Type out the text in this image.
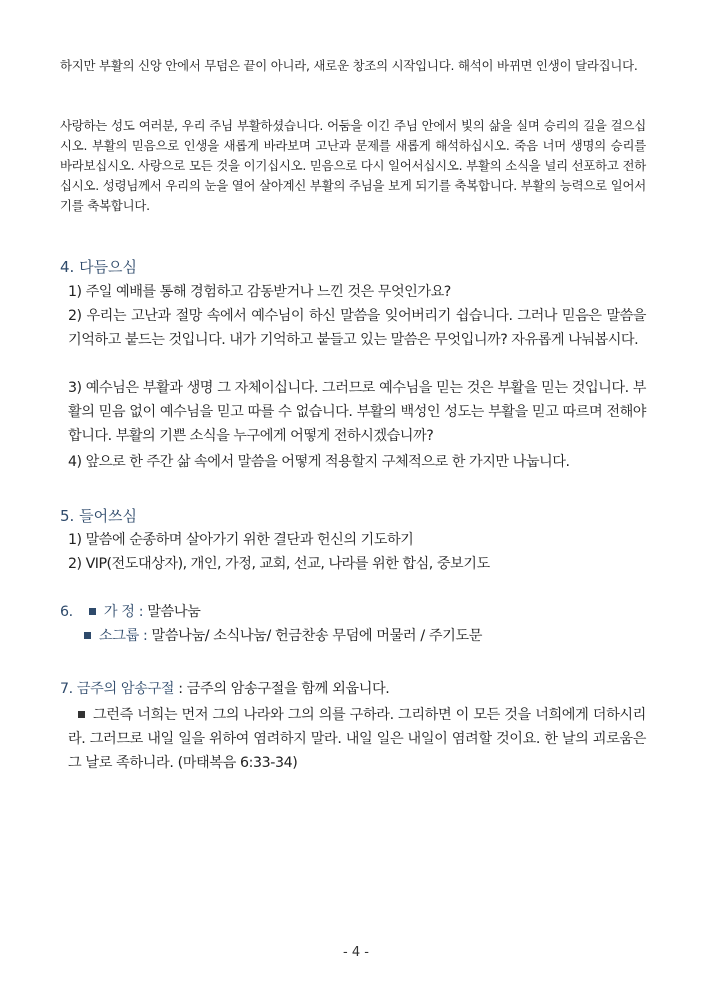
하지만 부활의 신앙 안에서 무덤은 끝이 아니라, 새로운 창조의 시작입니다. 해석이 바뀌면 인생이 달라집니다.
사랑하는 성도 여러분, 우리 주님 부활하셨습니다. 어둠을 이긴 주님 안에서 빛의 삶을 실며 승리의 길을 걸으십시오. 부활의 믿음으로 인생을 새롭게 바라보며 고난과 문제를 새롭게 해석하십시오. 죽음 너머 생명의 승리를 바라보십시오. 사랑으로 모든 것을 이기십시오. 믿음으로 다시 일어서십시오. 부활의 소식을 널리 선포하고 전하십시오. 성령님께서 우리의 눈을 열어 살아계신 부활의 주님을 보게 되기를 축복합니다. 부활의 능력으로 일어서기를 축복합니다.
4. 다듬으심
1) 주일 예배를 통해 경험하고 감동받거나 느낀 것은 무엇인가요?
2) 우리는 고난과 절망 속에서 예수님이 하신 말씀을 잊어버리기 쉽습니다. 그러나 믿음은 말씀을 기억하고 붙드는 것입니다. 내가 기억하고 붙들고 있는 말씀은 무엇입니까? 자유롭게 나눠봅시다.
3) 예수님은 부활과 생명 그 자체이십니다. 그러므로 예수님을 믿는 것은 부활을 믿는 것입니다. 부활의 믿음 없이 예수님을 믿고 따를 수 없습니다. 부활의 백성인 성도는 부활을 믿고 따르며 전해야합니다. 부활의 기쁜 소식을 누구에게 어떻게 전하시겠습니까?
4) 앞으로 한 주간 삶 속에서 말씀을 어떻게 적용할지 구체적으로 한 가지만 나눕니다.
5. 들어쓰심
1) 말씀에 순종하며 살아가기 위한 결단과 헌신의 기도하기
2) VIP(전도대상자), 개인, 가정, 교회, 선교, 나라를 위한 합심, 중보기도
6. 가 정 : 말씀나눔
소그룹 : 말씀나눔/ 소식나눔/ 헌금찬송 무덤에 머물러 / 주기도문
7. 금주의 암송구절 : 금주의 암송구절을 함께 외웁니다.
그런즉 너희는 먼저 그의 나라와 그의 의를 구하라. 그리하면 이 모든 것을 너희에게 더하시리라. 그러므로 내일 일을 위하여 염려하지 말라. 내일 일은 내일이 염려할 것이요. 한 날의 괴로움은 그 날로 족하니라. (마태복음 6:33-34)
- 4 -
